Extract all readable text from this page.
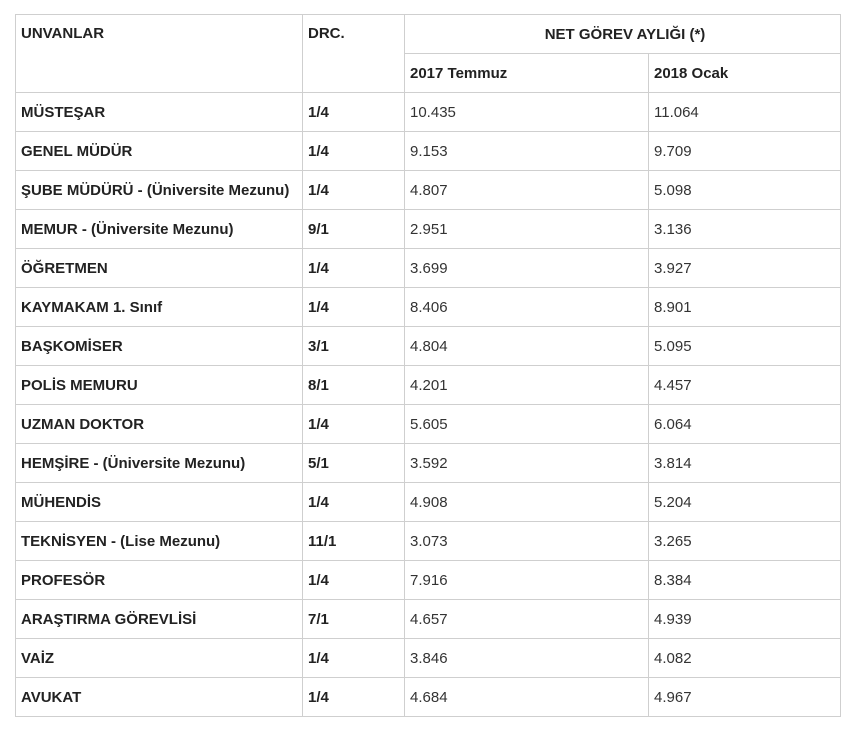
UNVANLAR	DRC.	NET GÖREV AYLIĞI (*)	
		2017 Temmuz	2018 Ocak
MÜSTEŞAR	1/4	10.435	11.064
GENEL MÜDÜR	1/4	9.153	9.709
ŞUBE MÜDÜRÜ - (Üniversite Mezunu)	1/4	4.807	5.098
MEMUR - (Üniversite Mezunu)	9/1	2.951	3.136
ÖĞRETMEN	1/4	3.699	3.927
KAYMAKAM 1. Sınıf	1/4	8.406	8.901
BAŞKOMİSER	3/1	4.804	5.095
POLİS MEMURU	8/1	4.201	4.457
UZMAN DOKTOR	1/4	5.605	6.064
HEMŞİRE - (Üniversite Mezunu)	5/1	3.592	3.814
MÜHENDİS	1/4	4.908	5.204
TEKNİSYEN - (Lise Mezunu)	11/1	3.073	3.265
PROFESÖR	1/4	7.916	8.384
ARAŞTIRMA GÖREVLİSİ	7/1	4.657	4.939
VAİZ	1/4	3.846	4.082
AVUKAT	1/4	4.684	4.967
